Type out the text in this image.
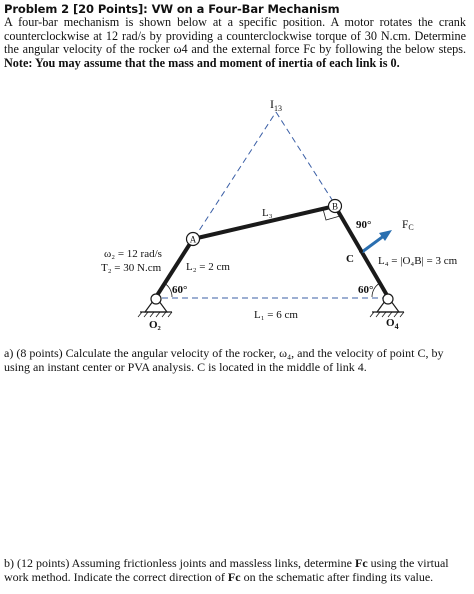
Problem 2 [20 Points]: VW on a Four-Bar Mechanism
A four-bar mechanism is shown below at a specific position. A motor rotates the crank counterclockwise at 12 rad/s by providing a counterclockwise torque of 30 N.cm. Determine the angular velocity of the rocker ω4 and the external force Fc by following the below steps. Note: You may assume that the mass and moment of inertia of each link is 0.
A
B
$I_{13}$
L₃
90°	FC
C
ω₂ = 12 rad/s
T₂ = 30 N.cm L₂ = 2 cm	L₄ = |O₄B| = 3 cm
60°	60°
L₁ = 6 cm
O₂	$O_4$
a) (8 points) Calculate the angular velocity of the rocker, ω₄, and the velocity of point C, by using an instant center or PVA analysis. C is located in the middle of link 4.
b) (12 points) Assuming frictionless joints and massless links, determine Fc using the virtual work method. Indicate the correct direction of Fc on the schematic after finding its value.
